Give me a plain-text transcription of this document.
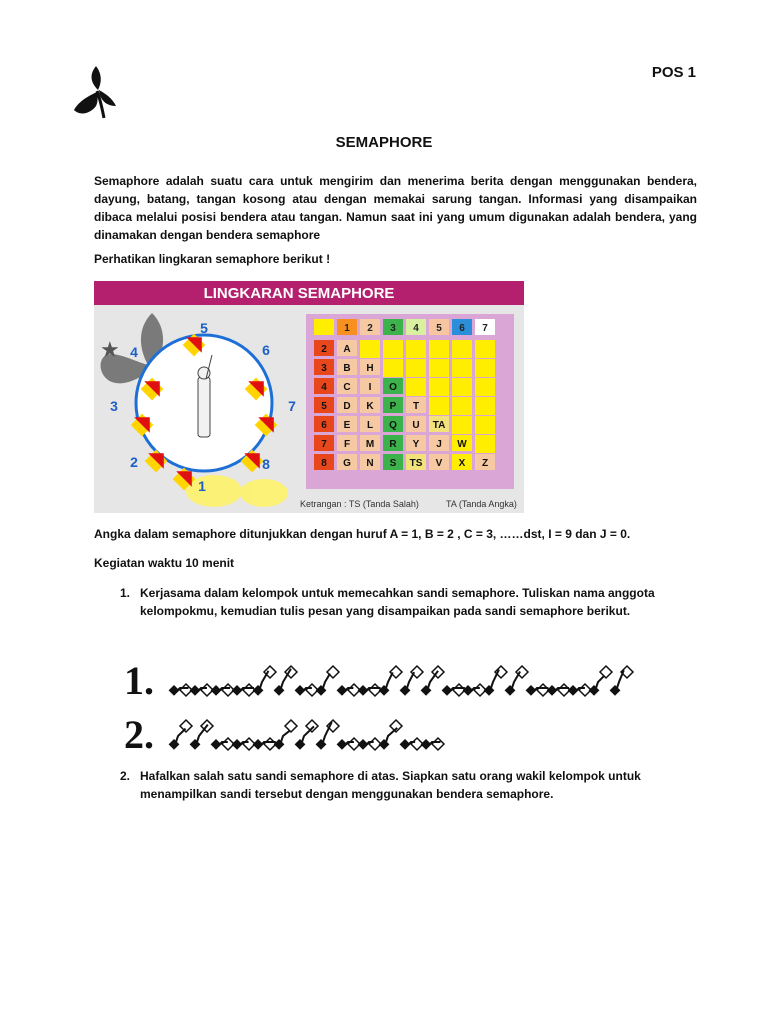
POS 1
SEMAPHORE
Semaphore adalah suatu cara untuk mengirim dan menerima berita dengan menggunakan bendera, dayung, batang, tangan kosong atau dengan memakai sarung tangan. Informasi yang disampaikan dibaca melalui posisi bendera atau tangan. Namun saat ini yang umum digunakan adalah bendera, yang dinamakan dengan bendera semaphore
Perhatikan lingkaran semaphore berikut !
LINGKARAN SEMAPHORE
★
5
6
7
8
1
2
3
4
1 2 3 4 5 6 7
2 A
3 B H
4 C I O
5 D K P T
6 E L Q U TA
7 F M R Y J W
8 G N S TS V X Z
Ketrangan : TS (Tanda Salah)	TA (Tanda Angka)
Angka dalam semaphore ditunjukkan dengan huruf A = 1, B = 2 , C = 3, ……dst, I = 9 dan J = 0.
Kegiatan waktu 10 menit
1. Kerjasama dalam kelompok untuk memecahkan sandi semaphore. Tuliskan nama anggota kelompokmu, kemudian tulis pesan yang disampaikan pada sandi semaphore berikut.
1.
2.
2. Hafalkan salah satu sandi semaphore di atas. Siapkan satu orang wakil kelompok untuk menampilkan sandi tersebut dengan menggunakan bendera semaphore.
